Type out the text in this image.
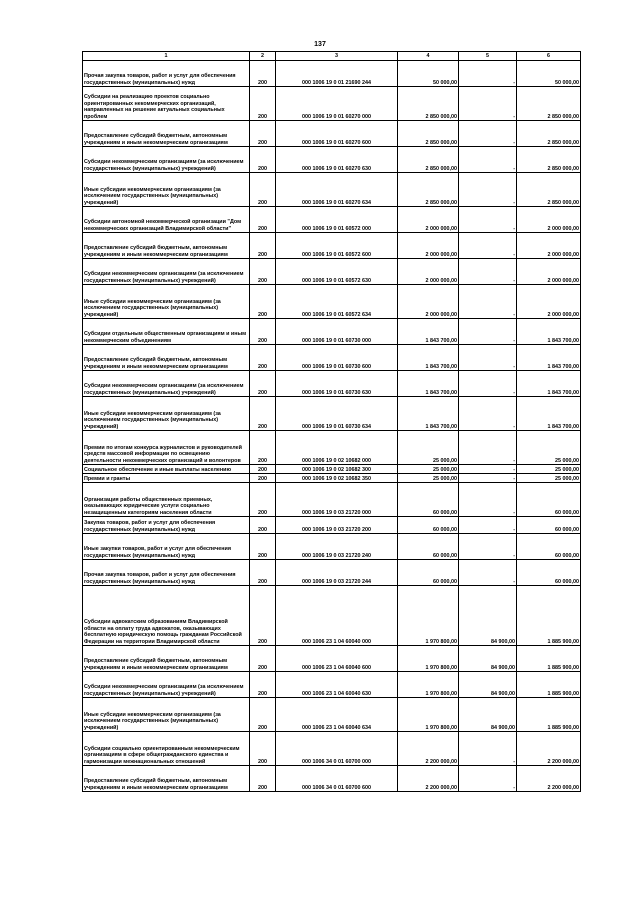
137
1	2	3	4	5	6
Прочая закупка товаров, работ и услуг для обеспечения государственных (муниципальных) нужд	200	000 1006 19 0 01 21690 244	50 000,00	-	50 000,00
Субсидии на реализацию проектов социально ориентированных некоммерческих организаций, направленных на решение актуальных социальных проблем	200	000 1006 19 0 01 60270 000	2 850 000,00	-	2 850 000,00
Предоставление субсидий бюджетным, автономным учреждениям и иным некоммерческим организациям	200	000 1006 19 0 01 60270 600	2 850 000,00	-	2 850 000,00
Субсидии некоммерческим организациям (за исключением государственных (муниципальных) учреждений)	200	000 1006 19 0 01 60270 630	2 850 000,00	-	2 850 000,00
Иные субсидии некоммерческим организациям (за исключением государственных (муниципальных) учреждений)	200	000 1006 19 0 01 60270 634	2 850 000,00	-	2 850 000,00
Субсидии автономной некоммерческой организации "Дом некоммерческих организаций Владимирской области"	200	000 1006 19 0 01 60572 000	2 000 000,00	-	2 000 000,00
Предоставление субсидий бюджетным, автономным учреждениям и иным некоммерческим организациям	200	000 1006 19 0 01 60572 600	2 000 000,00	-	2 000 000,00
Субсидии некоммерческим организациям (за исключением государственных (муниципальных) учреждений)	200	000 1006 19 0 01 60572 630	2 000 000,00	-	2 000 000,00
Иные субсидии некоммерческим организациям (за исключением государственных (муниципальных) учреждений)	200	000 1006 19 0 01 60572 634	2 000 000,00	-	2 000 000,00
Субсидии отдельным общественным организациям и иным некоммерческим объединениям	200	000 1006 19 0 01 60730 000	1 843 700,00	-	1 843 700,00
Предоставление субсидий бюджетным, автономным учреждениям и иным некоммерческим организациям	200	000 1006 19 0 01 60730 600	1 843 700,00	-	1 843 700,00
Субсидии некоммерческим организациям (за исключением государственных (муниципальных) учреждений)	200	000 1006 19 0 01 60730 630	1 843 700,00	-	1 843 700,00
Иные субсидии некоммерческим организациям (за исключением государственных (муниципальных) учреждений)	200	000 1006 19 0 01 60730 634	1 843 700,00	-	1 843 700,00
Премии по итогам конкурса журналистов и руководителей средств массовой информации по освещению деятельности некоммерческих организаций и волонтеров	200	000 1006 19 0 02 10682 000	25 000,00	-	25 000,00
Социальное обеспечение и иные выплаты населению	200	000 1006 19 0 02 10682 300	25 000,00	-	25 000,00
Премии и гранты	200	000 1006 19 0 02 10682 350	25 000,00	-	25 000,00
Организация работы общественных приемных, оказывающих юридические услуги социально незащищенным категориям населения области	200	000 1006 19 0 03 21720 000	60 000,00	-	60 000,00
Закупка товаров, работ и услуг для обеспечения государственных (муниципальных) нужд	200	000 1006 19 0 03 21720 200	60 000,00	-	60 000,00
Иные закупки товаров, работ и услуг для обеспечения государственных (муниципальных) нужд	200	000 1006 19 0 03 21720 240	60 000,00	-	60 000,00
Прочая закупка товаров, работ и услуг для обеспечения государственных (муниципальных) нужд	200	000 1006 19 0 03 21720 244	60 000,00	-	60 000,00
Субсидии адвокатским образованиям Владимирской области на оплату труда адвокатов, оказывающих бесплатную юридическую помощь гражданам Российской Федерации на территории Владимирской области	200	000 1006 23 1 04 60040 000	1 970 800,00	84 900,00	1 885 900,00
Предоставление субсидий бюджетным, автономным учреждениям и иным некоммерческим организациям	200	000 1006 23 1 04 60040 600	1 970 800,00	84 900,00	1 885 900,00
Субсидии некоммерческим организациям (за исключением государственных (муниципальных) учреждений)	200	000 1006 23 1 04 60040 630	1 970 800,00	84 900,00	1 885 900,00
Иные субсидии некоммерческим организациям (за исключением государственных (муниципальных) учреждений)	200	000 1006 23 1 04 60040 634	1 970 800,00	84 900,00	1 885 900,00
Субсидии социально ориентированным некоммерческим организациям в сфере общегражданского единства и гармонизации межнациональных отношений	200	000 1006 34 0 01 60700 000	2 200 000,00	-	2 200 000,00
Предоставление субсидий бюджетным, автономным учреждениям и иным некоммерческим организациям	200	000 1006 34 0 01 60700 600	2 200 000,00	-	2 200 000,00
